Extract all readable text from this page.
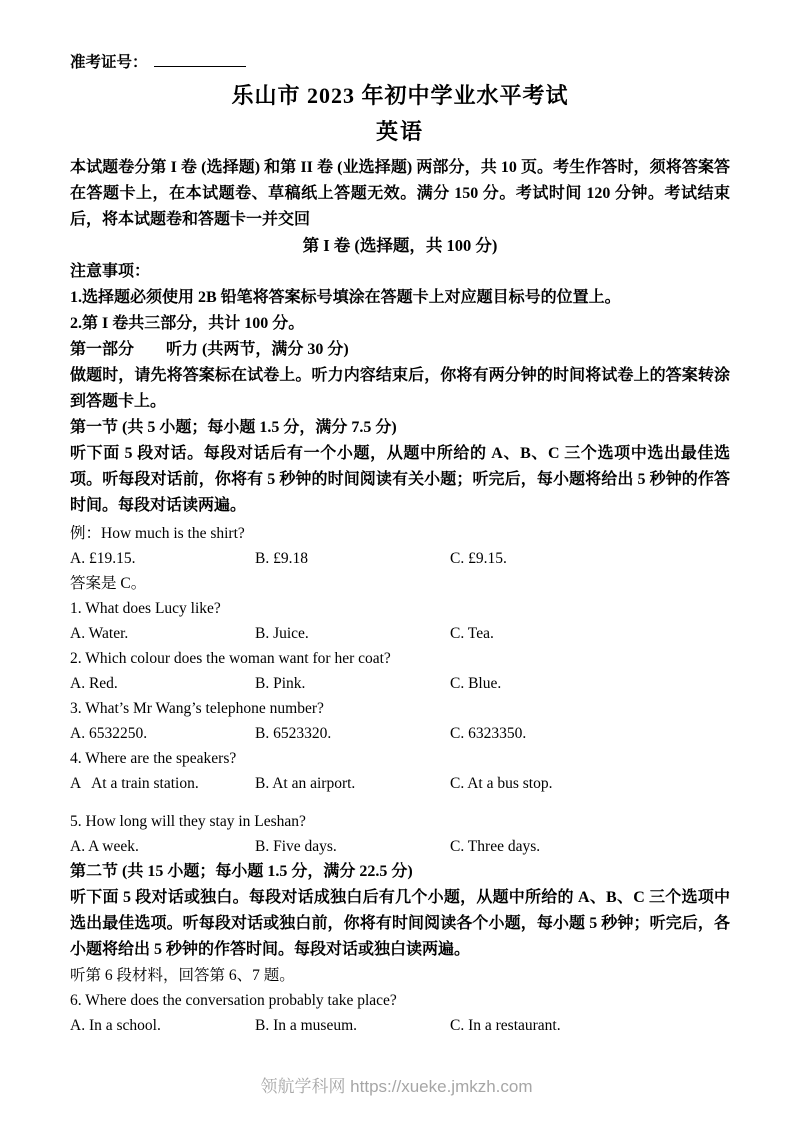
准考证号：

乐山市 2023 年初中学业水平考试

英语

本试题卷分第 I 卷 (选择题) 和第 II 卷 (业选择题) 两部分，共 10 页。考生作答时，须将答案答在答题卡上，在本试题卷、草稿纸上答题无效。满分 150 分。考试时间 120 分钟。考试结束后，将本试题卷和答题卡一并交回

第 I 卷 (选择题，共 100 分)

注意事项：

1.选择题必须使用 2B 铅笔将答案标号填涂在答题卡上对应题目标号的位置上。

2.第 I 卷共三部分，共计 100 分。

第一部分　　听力 (共两节，满分 30 分)

做题时，请先将答案标在试卷上。听力内容结束后，你将有两分钟的时间将试卷上的答案转涂到答题卡上。

第一节 (共 5 小题；每小题 1.5 分，满分 7.5 分)

听下面 5 段对话。每段对话后有一个小题，从题中所给的 A、B、C 三个选项中选出最佳选项。听每段对话前，你将有 5 秒钟的时间阅读有关小题；听完后，每小题将给出 5 秒钟的作答时间。每段对话读两遍。

例：How much is the shirt?

A. £19.15.	B. £9.18	C. £9.15.

答案是 C。

1. What does Lucy like?

A. Water.	B. Juice.	C. Tea.

2. Which colour does the woman want for her coat?

A. Red.	B. Pink.	C. Blue.

3. What’s Mr Wang’s telephone number?

A. 6532250.	B. 6523320.	C. 6323350.

4. Where are the speakers?

A   At a train station.	B. At an airport.	C. At a bus stop.

5. How long will they stay in Leshan?

A. A week.	B. Five days.	C. Three days.

第二节 (共 15 小题；每小题 1.5 分，满分 22.5 分)

听下面 5 段对话或独白。每段对话成独白后有几个小题，从题中所给的 A、B、C 三个选项中选出最佳选项。听每段对话或独白前，你将有时间阅读各个小题，每小题 5 秒钟；听完后，各小题将给出 5 秒钟的作答时间。每段对话或独白读两遍。

听第 6 段材料，回答第 6、7 题。

6. Where does the conversation probably take place?

A. In a school.	B. In a museum.	C. In a restaurant.
领航学科网 https://xueke.jmkzh.com
